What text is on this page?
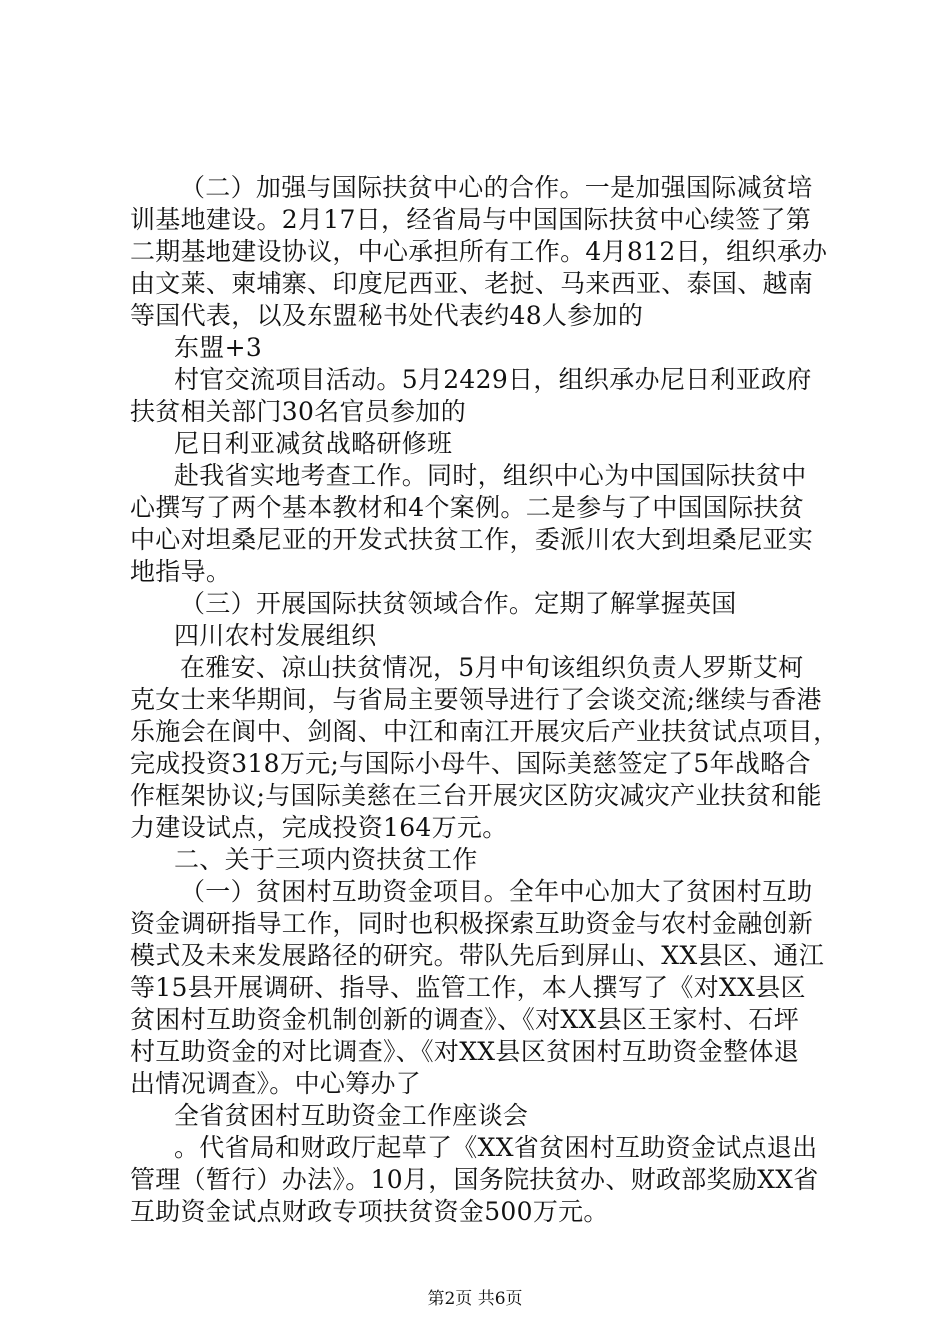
（二）加强与国际扶贫中心的合作。一是加强国际减贫培
训基地建设。2月17日，经省局与中国国际扶贫中心续签了第
二期基地建设协议，中心承担所有工作。4月812日，组织承办
由文莱、柬埔寨、印度尼西亚、老挝、马来西亚、泰国、越南
等国代表，以及东盟秘书处代表约48人参加的
东盟+3
村官交流项目活动。5月2429日，组织承办尼日利亚政府
扶贫相关部门30名官员参加的
尼日利亚减贫战略研修班
赴我省实地考查工作。同时，组织中心为中国国际扶贫中
心撰写了两个基本教材和4个案例。二是参与了中国国际扶贫
中心对坦桑尼亚的开发式扶贫工作，委派川农大到坦桑尼亚实
地指导。
（三）开展国际扶贫领域合作。定期了解掌握英国
四川农村发展组织
在雅安、凉山扶贫情况，5月中旬该组织负责人罗斯艾柯
克女士来华期间，与省局主要领导进行了会谈交流;继续与香港
乐施会在阆中、剑阁、中江和南江开展灾后产业扶贫试点项目，
完成投资318万元;与国际小母牛、国际美慈签定了5年战略合
作框架协议;与国际美慈在三台开展灾区防灾减灾产业扶贫和能
力建设试点，完成投资164万元。
二、关于三项内资扶贫工作
（一）贫困村互助资金项目。全年中心加大了贫困村互助
资金调研指导工作，同时也积极探索互助资金与农村金融创新
模式及未来发展路径的研究。带队先后到屏山、XX县区、通江
等15县开展调研、指导、监管工作，本人撰写了《对XX县区
贫困村互助资金机制创新的调查》、《对XX县区王家村、石坪
村互助资金的对比调查》、《对XX县区贫困村互助资金整体退
出情况调查》。中心筹办了
全省贫困村互助资金工作座谈会
。代省局和财政厅起草了《XX省贫困村互助资金试点退出
管理（暂行）办法》。10月，国务院扶贫办、财政部奖励XX省
互助资金试点财政专项扶贫资金500万元。
第2页 共6页
